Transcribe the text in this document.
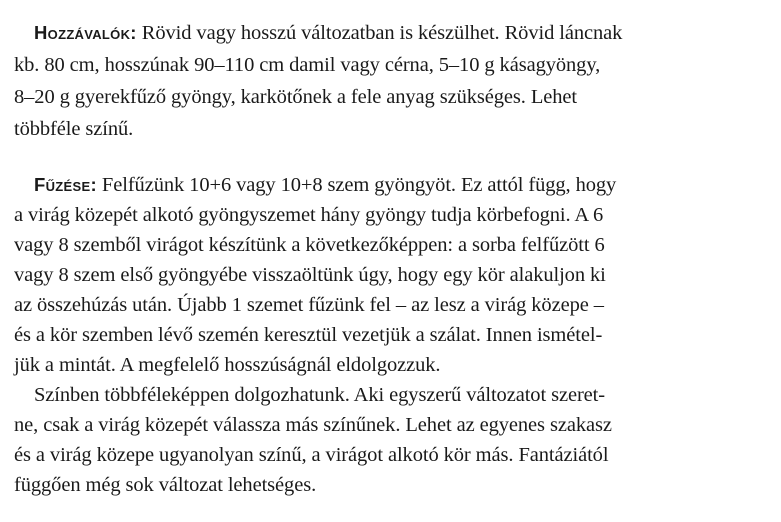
Hozzávalók: Rövid vagy hosszú változatban is készülhet. Rövid láncnak
kb. 80 cm, hosszúnak 90–110 cm damil vagy cérna, 5–10 g kásagyöngy,
8–20 g gyerekfűző gyöngy, karkötőnek a fele anyag szükséges. Lehet
többféle színű.
Fűzése: Felfűzünk 10+6 vagy 10+8 szem gyöngyöt. Ez attól függ, hogy
a virág közepét alkotó gyöngyszemet hány gyöngy tudja körbefogni. A 6
vagy 8 szemből virágot készítünk a következőképpen: a sorba felfűzött 6
vagy 8 szem első gyöngyébe visszaöltünk úgy, hogy egy kör alakuljon ki
az összehúzás után. Újabb 1 szemet fűzünk fel – az lesz a virág közepe –
és a kör szemben lévő szemén keresztül vezetjük a szálat. Innen ismétel-
jük a mintát. A megfelelő hosszúságnál eldolgozzuk.
Színben többféleképpen dolgozhatunk. Aki egyszerű változatot szeret-
ne, csak a virág közepét válassza más színűnek. Lehet az egyenes szakasz
és a virág közepe ugyanolyan színű, a virágot alkotó kör más. Fantáziától
függően még sok változat lehetséges.
